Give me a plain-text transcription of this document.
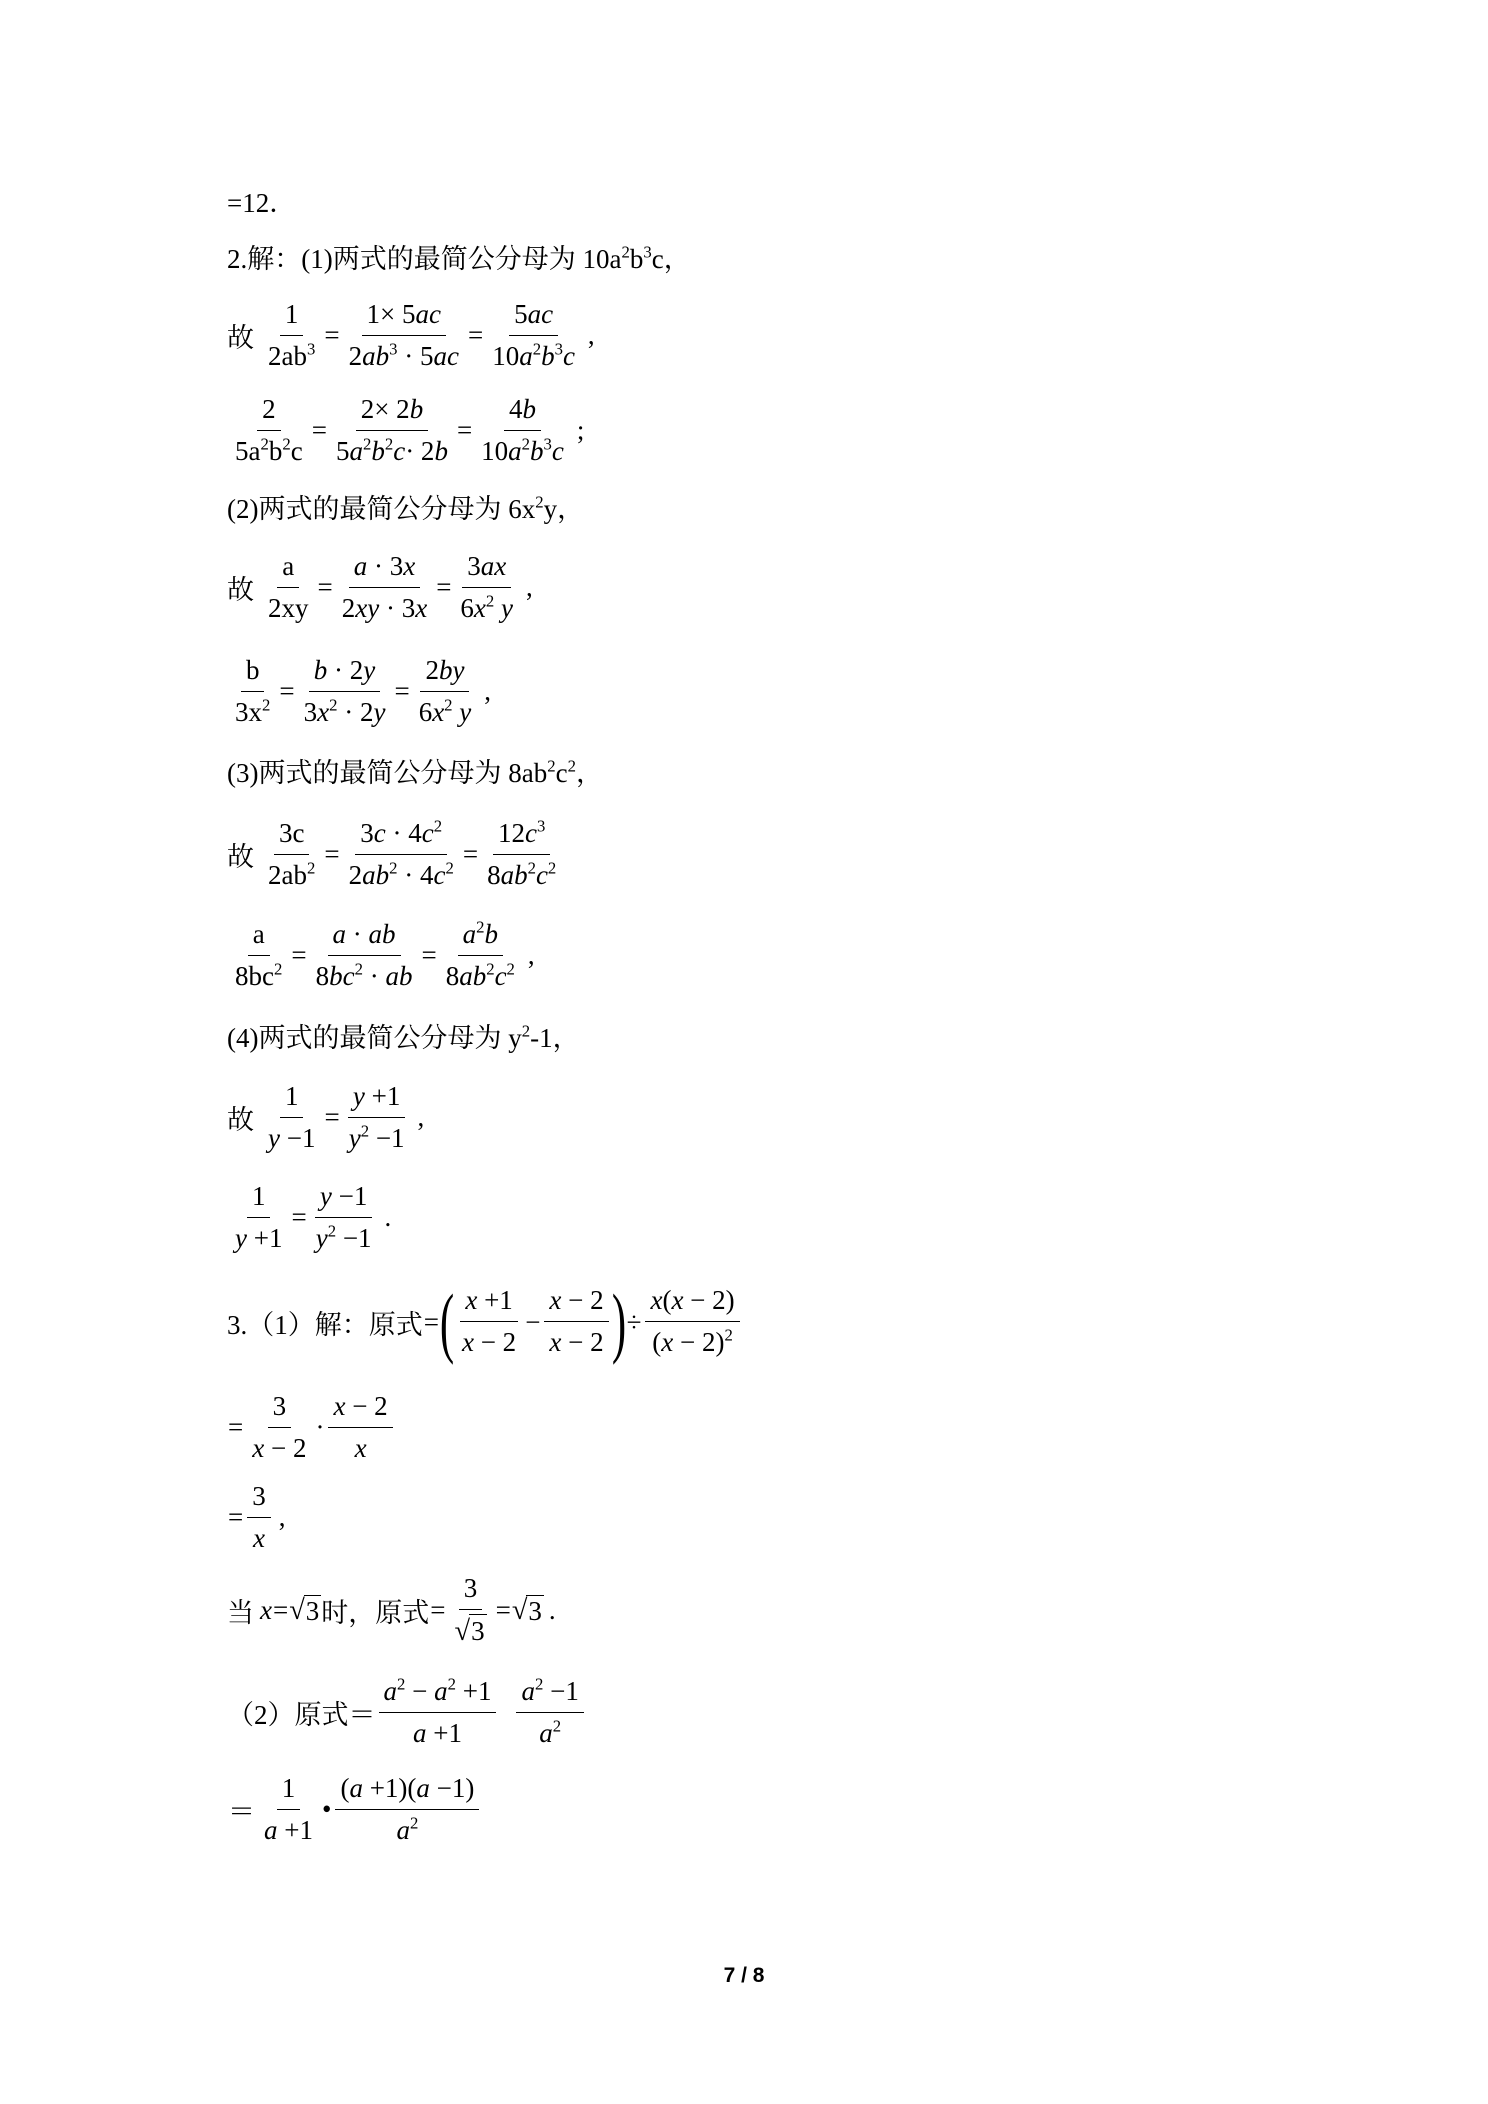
=12．
2.解：(1)两式的最简公分母为 $10a^2b^3c$，
故 $\frac{1}{2ab^3} = \frac{1\times 5ac}{2ab^3 \cdot 5ac} = \frac{5ac}{10a^2b^3c}$ ,
$\frac{2}{5a^2b^2c} = \frac{2\times 2b}{5a^2b^2c\cdot 2b} = \frac{4b}{10a^2b^3c}$ ;
(2)两式的最简公分母为 $6x^2y$，
故 $\frac{a}{2xy} = \frac{a \cdot 3x}{2xy \cdot 3x} = \frac{3ax}{6x^2 y}$ ,
$\frac{b}{3x^2} = \frac{b \cdot 2y}{3x^2 \cdot 2y} = \frac{2by}{6x^2 y}$ ,
(3)两式的最简公分母为 $8ab^2c^2$，
故 $\frac{3c}{2ab^2} = \frac{3c \cdot 4c^2}{2ab^2 \cdot 4c^2} = \frac{12c^3}{8ab^2c^2}$
$\frac{a}{8bc^2} = \frac{a \cdot ab}{8bc^2 \cdot ab} = \frac{a^2b}{8ab^2c^2}$ ,
(4)两式的最简公分母为 $y^2-1$，
故 $\frac{1}{y -1} = \frac{y +1}{y^2 -1}$ ,
$\frac{1}{y +1} = \frac{y -1}{y^2 -1}$ .
3.（1）解：原式 = ( $\frac{x +1}{x - 2} - \frac{x - 2}{x - 2}$ ) ÷ $\frac{x(x - 2)}{(x - 2)^2}$
= $\frac{3}{x - 2} \cdot \frac{x - 2}{x}$
= $\frac{3}{x}$ ,
当 x = √ 3 时，原式 = $\frac{3}{√ 3}$ = √ 3 .
（2）原式＝ $\frac{a^2 - a^2 +1}{a +1} \frac{a^2 -1}{a^2}$
＝ $\frac{1}{a +1}$ • $\frac{(a +1)(a -1)}{a^2}$
7 / 8
